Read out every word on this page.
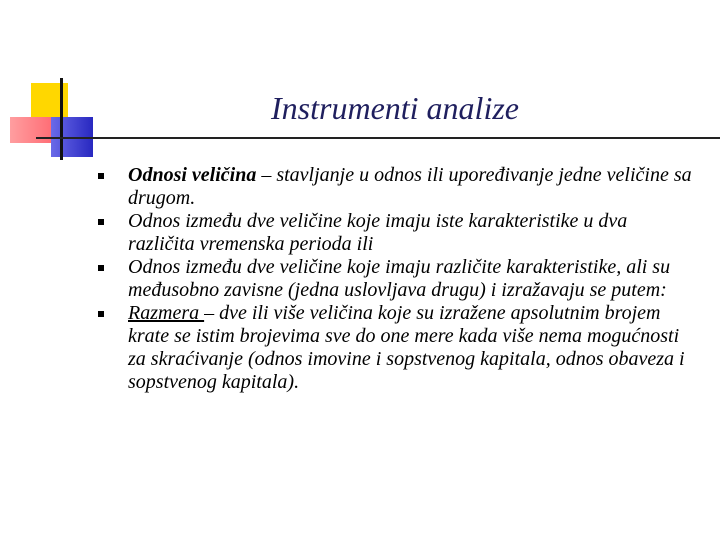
Instrumenti analize
Odnosi veličina – stavljanje u odnos ili upoređivanje jedne veličine sa drugom.
Odnos između dve veličine koje imaju iste karakteristike u dva različita vremenska perioda ili
Odnos između dve veličine koje imaju različite karakteristike, ali su međusobno zavisne (jedna uslovljava drugu) i izražavaju se putem:
Razmera – dve ili više veličina koje su izražene apsolutnim brojem krate se istim brojevima sve do one mere kada više nema mogućnosti za skraćivanje (odnos imovine i sopstvenog kapitala, odnos obaveza i sopstvenog kapitala).
